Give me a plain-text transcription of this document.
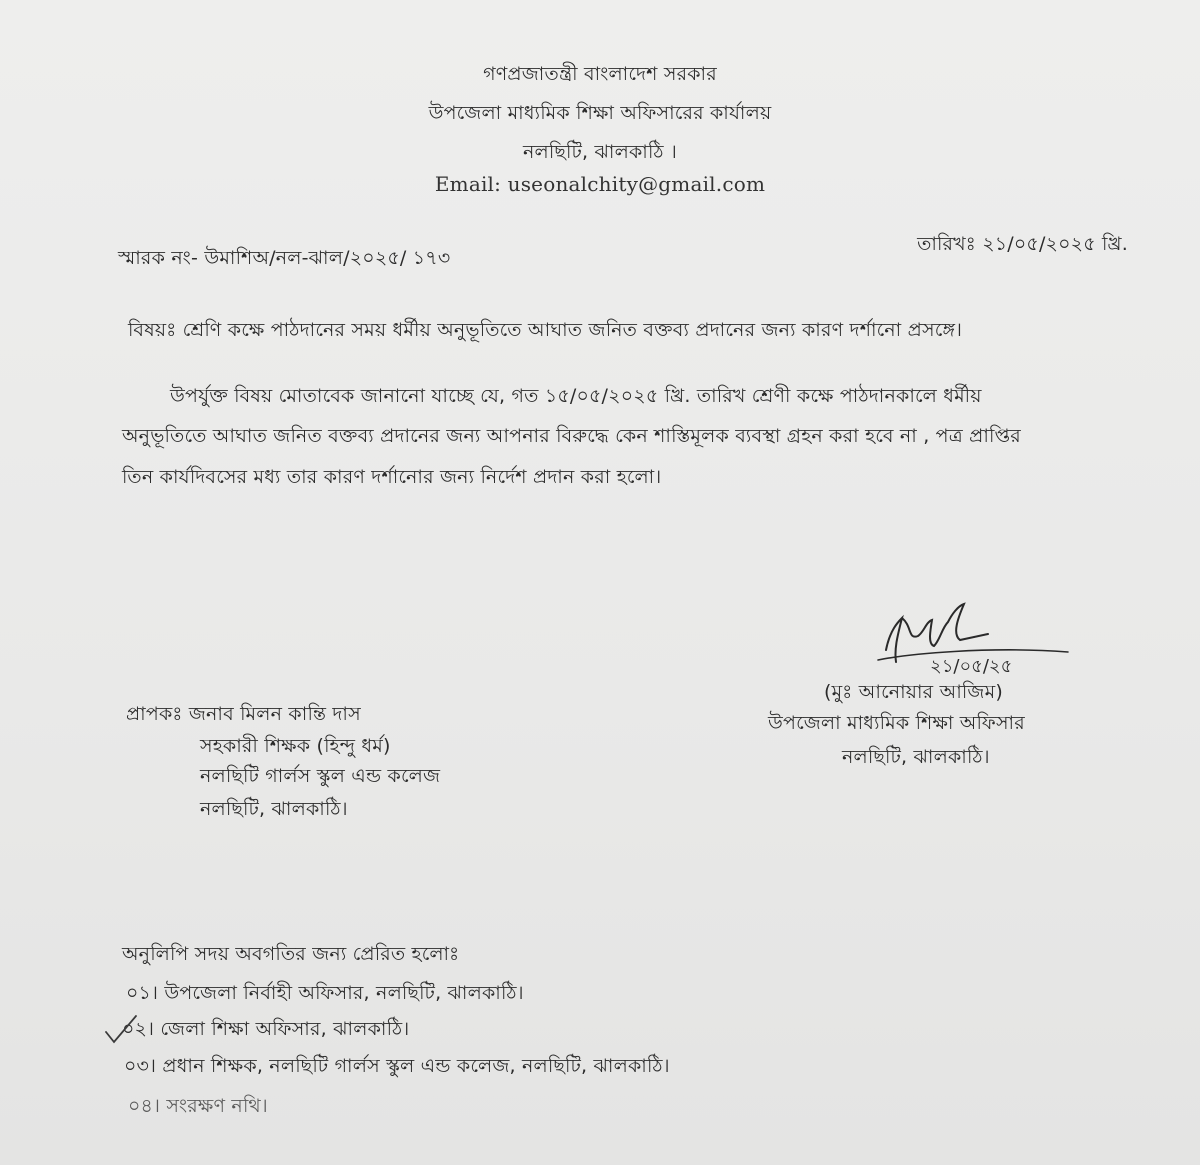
গণপ্রজাতন্ত্রী বাংলাদেশ সরকার
উপজেলা মাধ্যমিক শিক্ষা অফিসারের কার্যালয়
নলছিটি, ঝালকাঠি ।
Email: useonalchity@gmail.com
স্মারক নং- উমাশিঅ/নল-ঝাল/২০২৫/ ১৭৩
তারিখঃ ২১/০৫/২০২৫ খ্রি.
বিষয়ঃ শ্রেণি কক্ষে পাঠদানের সময় ধর্মীয় অনুভূতিতে আঘাত জনিত বক্তব্য প্রদানের জন্য কারণ দর্শানো প্রসঙ্গে।
উপর্যুক্ত বিষয় মোতাবেক জানানো যাচ্ছে যে, গত ১৫/০৫/২০২৫ খ্রি. তারিখ শ্রেণী কক্ষে পাঠদানকালে ধর্মীয়
অনুভূতিতে আঘাত জনিত বক্তব্য প্রদানের জন্য আপনার বিরুদ্ধে কেন শাস্তিমূলক ব্যবস্থা গ্রহন করা হবে না , পত্র প্রাপ্তির
তিন কার্যদিবসের মধ্য তার কারণ দর্শানোর জন্য নির্দেশ প্রদান করা হলো।
২১/০৫/২৫
(মুঃ আনোয়ার আজিম)
উপজেলা মাধ্যমিক শিক্ষা অফিসার
নলছিটি, ঝালকাঠি।
প্রাপকঃ জনাব মিলন কান্তি দাস
সহকারী শিক্ষক (হিন্দু ধর্ম)
নলছিটি গার্লস স্কুল এন্ড কলেজ
নলছিটি, ঝালকাঠি।
অনুলিপি সদয় অবগতির জন্য প্রেরিত হলোঃ
০১। উপজেলা নির্বাহী অফিসার, নলছিটি, ঝালকাঠি।
০২। জেলা শিক্ষা অফিসার, ঝালকাঠি।
০৩। প্রধান শিক্ষক, নলছিটি গার্লস স্কুল এন্ড কলেজ, নলছিটি, ঝালকাঠি।
০৪। সংরক্ষণ নথি।
